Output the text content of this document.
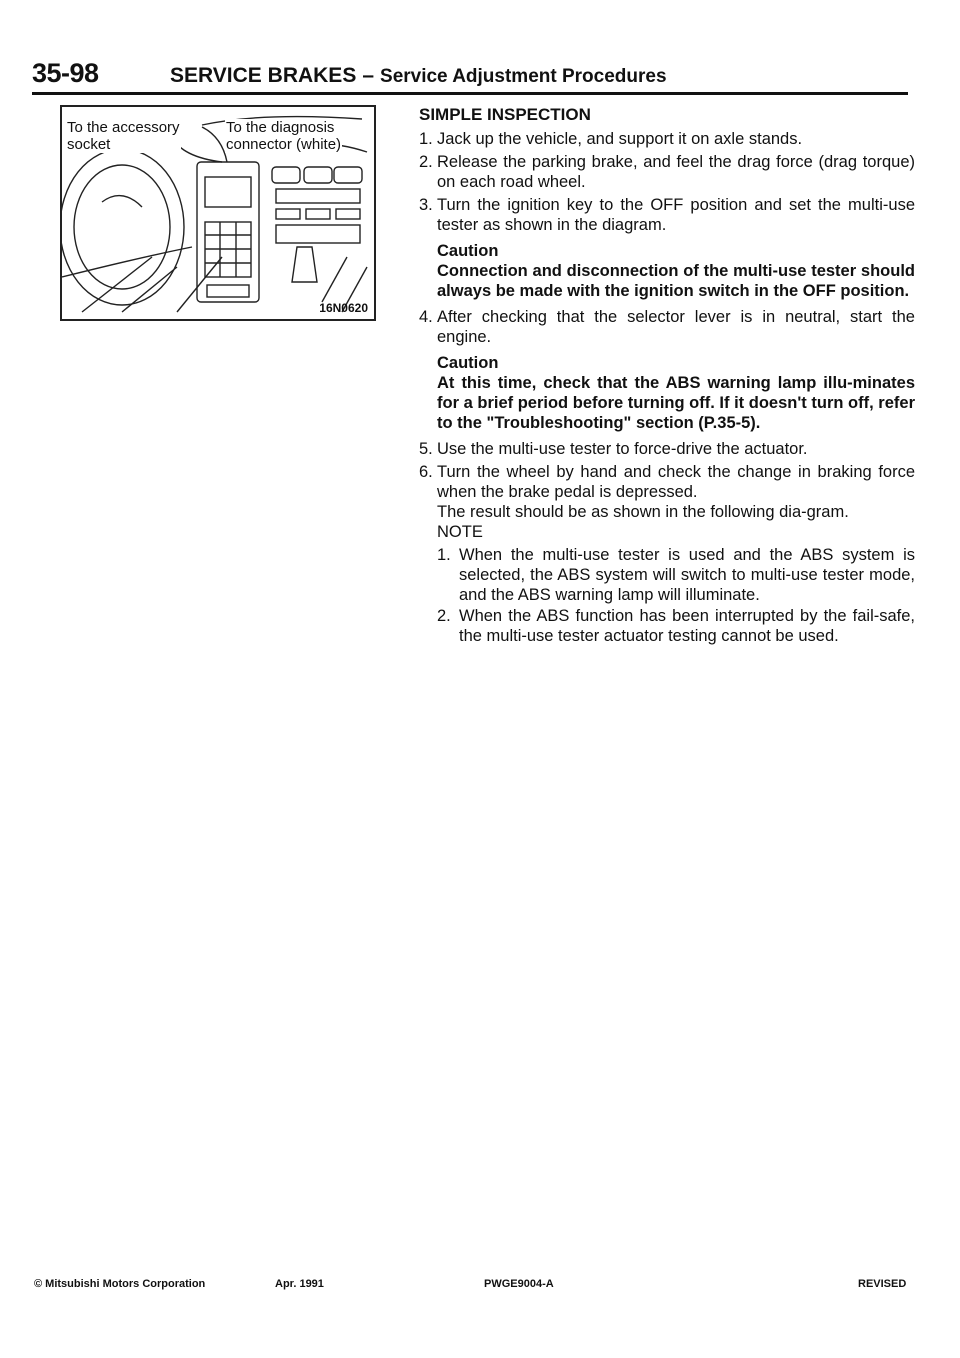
35-98	SERVICE BRAKES – Service Adjustment Procedures
To the accessory
socket
To the diagnosis
connector (white)
16N0620
SIMPLE INSPECTION
1. Jack up the vehicle, and support it on axle stands.
2. Release the parking brake, and feel the drag force (drag torque) on each road wheel.
3. Turn the ignition key to the OFF position and set the multi-use tester as shown in the diagram.
Caution
Connection and disconnection of the multi-use tester should always be made with the ignition switch in the OFF position.
4. After checking that the selector lever is in neutral, start the engine.
Caution
At this time, check that the ABS warning lamp illu-minates for a brief period before turning off. If it doesn't turn off, refer to the "Troubleshooting" section (P.35-5).
5. Use the multi-use tester to force-drive the actuator.
6. Turn the wheel by hand and check the change in braking force when the brake pedal is depressed.
The result should be as shown in the following dia-gram.
NOTE
1. When the multi-use tester is used and the ABS system is selected, the ABS system will switch to multi-use tester mode, and the ABS warning lamp will illuminate.
2. When the ABS function has been interrupted by the fail-safe, the multi-use tester actuator testing cannot be used.
© Mitsubishi Motors Corporation	Apr. 1991	PWGE9004-A	REVISED
